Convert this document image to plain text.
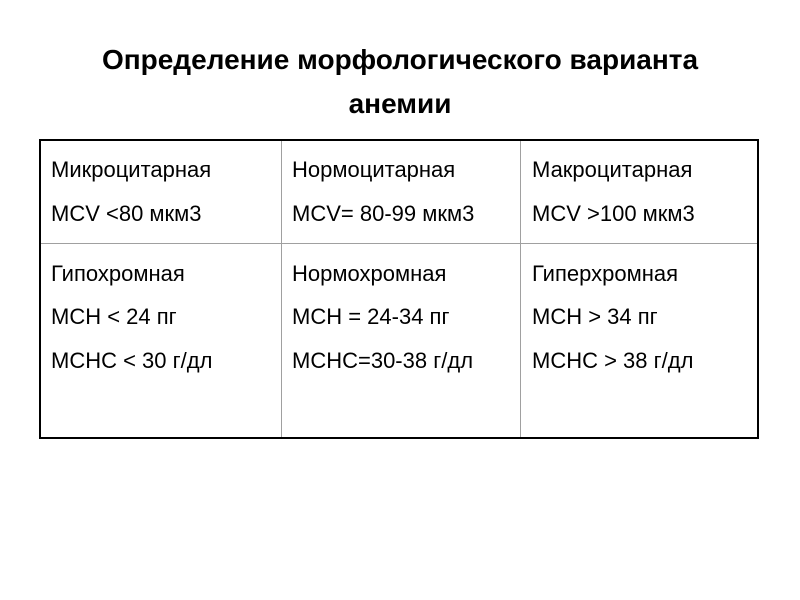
Определение морфологического варианта
анемии
Микроцитарная
MCV <80 мкм3
Нормоцитарная
MCV= 80-99 мкм3
Макроцитарная
MCV >100 мкм3
Гипохромная
МСН < 24 пг
МСНС < 30 г/дл
Нормохромная
МСН = 24-34 пг
МСНС=30-38 г/дл
Гиперхромная
МСН > 34 пг
МСНС > 38 г/дл
